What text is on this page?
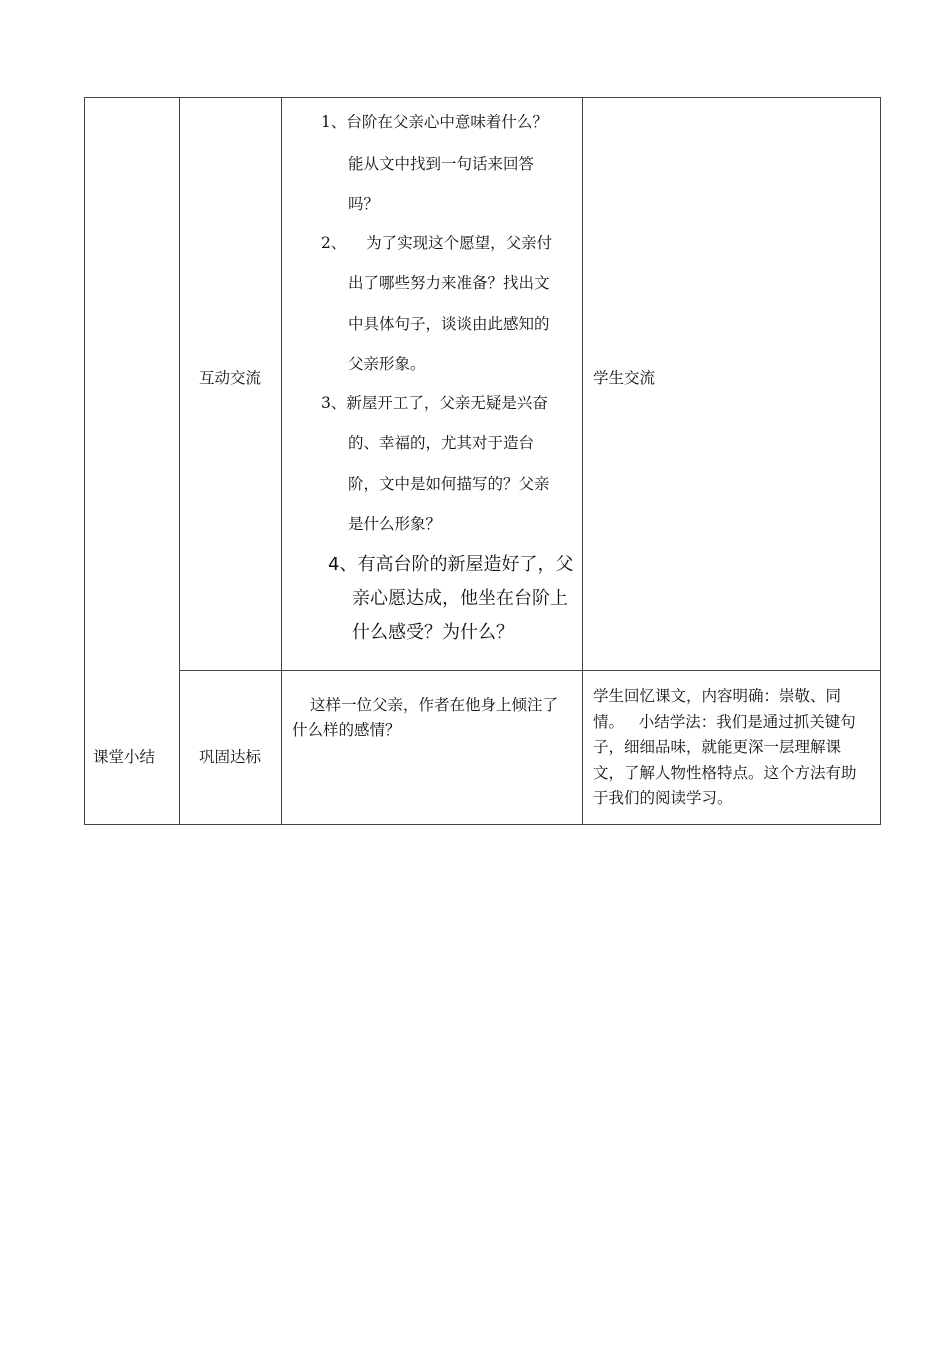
课堂小结
互动交流
1、台阶在父亲心中意味着什么？
能从文中找到一句话来回答
吗？
2、    为了实现这个愿望，父亲付
出了哪些努力来准备？找出文
中具体句子，谈谈由此感知的
父亲形象。
3、新屋开工了，父亲无疑是兴奋
的、幸福的，尤其对于造台
阶，文中是如何描写的？父亲
是什么形象？
4、有高台阶的新屋造好了，父
亲心愿达成，他坐在台阶上
什么感受？为什么？
学生交流
巩固达标
这样一位父亲，作者在他身上倾注了什么样的感情？
学生回忆课文，内容明确：崇敬、同情。   小结学法：我们是通过抓关键句子，细细品味，就能更深一层理解课文，了解人物性格特点。这个方法有助于我们的阅读学习。
